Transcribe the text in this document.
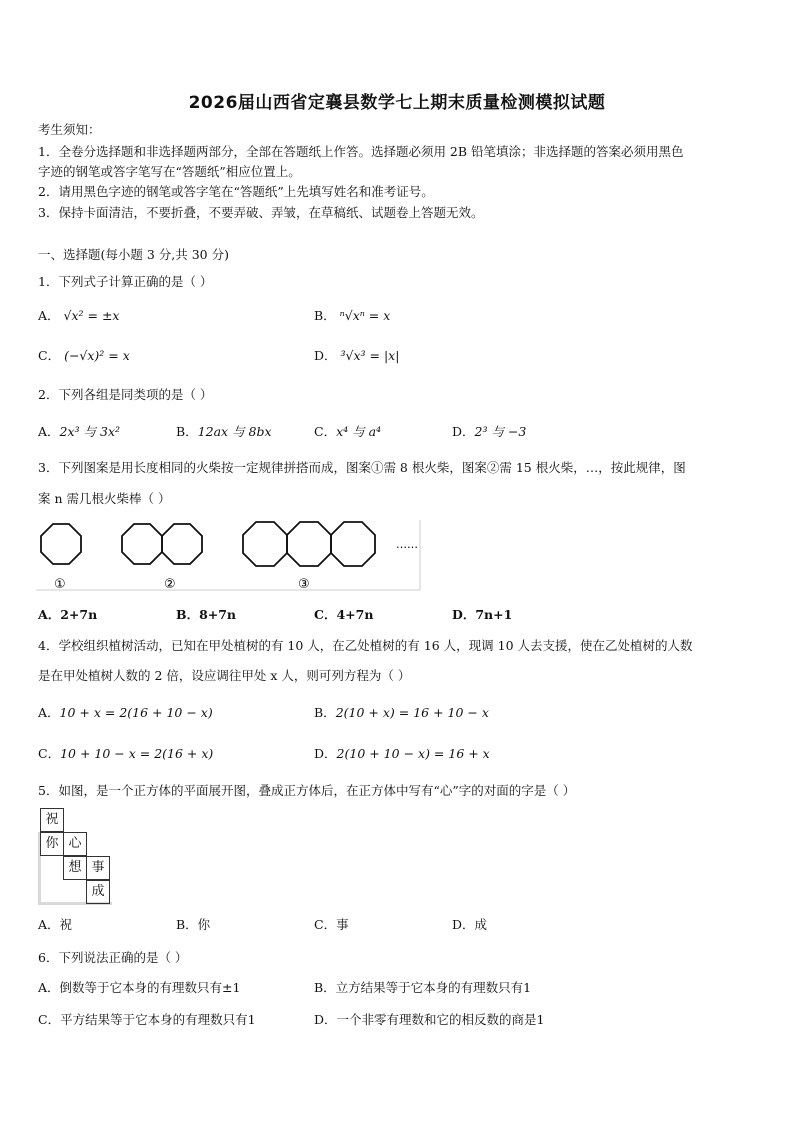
2026届山西省定襄县数学七上期末质量检测模拟试题
考生须知：
1．全卷分选择题和非选择题两部分，全部在答题纸上作答。选择题必须用 2B 铅笔填涂；非选择题的答案必须用黑色
字迹的钢笔或答字笔写在“答题纸”相应位置上。
2．请用黑色字迹的钢笔或答字笔在“答题纸”上先填写姓名和准考证号。
3．保持卡面清洁，不要折叠，不要弄破、弄皱，在草稿纸、试题卷上答题无效。
一、选择题(每小题 3 分,共 30 分)
1．下列式子计算正确的是（ ）
A． √x² = ±x	B． ⁿ√xⁿ = x
C． (−√x)² = x	D． ³√x³ = |x|
2．下列各组是同类项的是（ ）
A．2x³ 与 3x²	B．12ax 与 8bx	C．x⁴ 与 a⁴	D．2³ 与 −3
3．下列图案是用长度相同的火柴按一定规律拼搭而成，图案①需 8 根火柴，图案②需 15 根火柴，…，按此规律，图
案 n 需几根火柴棒（ ）
①	②	③
……
A．2+7n	B．8+7n	C．4+7n	D．7n+1
4．学校组织植树活动，已知在甲处植树的有 10 人，在乙处植树的有 16 人，现调 10 人去支援，使在乙处植树的人数
是在甲处植树人数的 2 倍，设应调往甲处 x 人，则可列方程为（ ）
A．10 + x = 2(16 + 10 − x)	B．2(10 + x) = 16 + 10 − x
C．10 + 10 − x = 2(16 + x)	D．2(10 + 10 − x) = 16 + x
5．如图，是一个正方体的平面展开图，叠成正方体后，在正方体中写有“心”字的对面的字是（ ）
祝
你 心
想 事
成
A．祝	B．你	C．事	D．成
6．下列说法正确的是（ ）
A．倒数等于它本身的有理数只有±1	B．立方结果等于它本身的有理数只有1
C．平方结果等于它本身的有理数只有1	D．一个非零有理数和它的相反数的商是1
